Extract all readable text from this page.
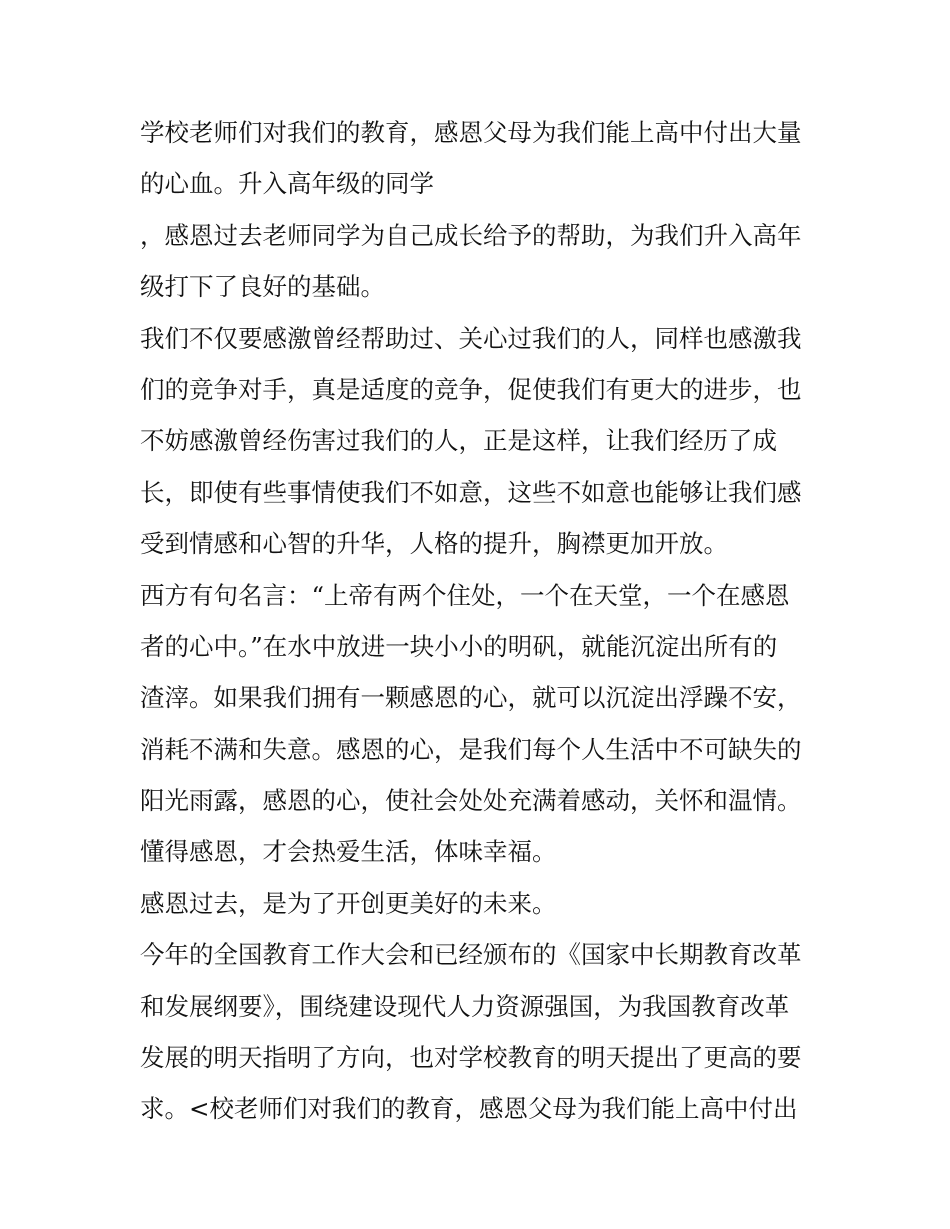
学校老师们对我们的教育，感恩父母为我们能上高中付出大量
的心血。升入高年级的同学
，感恩过去老师同学为自己成长给予的帮助，为我们升入高年
级打下了良好的基础。
我们不仅要感激曾经帮助过、关心过我们的人，同样也感激我
们的竞争对手，真是适度的竞争，促使我们有更大的进步，也
不妨感激曾经伤害过我们的人，正是这样，让我们经历了成
长，即使有些事情使我们不如意，这些不如意也能够让我们感
受到情感和心智的升华，人格的提升，胸襟更加开放。
西方有句名言：“上帝有两个住处，一个在天堂，一个在感恩
者的心中。”在水中放进一块小小的明矾，就能沉淀出所有的
渣滓。如果我们拥有一颗感恩的心，就可以沉淀出浮躁不安，
消耗不满和失意。感恩的心，是我们每个人生活中不可缺失的
阳光雨露，感恩的心，使社会处处充满着感动，关怀和温情。
懂得感恩，才会热爱生活，体味幸福。
感恩过去，是为了开创更美好的未来。
今年的全国教育工作大会和已经颁布的《国家中长期教育改革
和发展纲要》，围绕建设现代人力资源强国，为我国教育改革
发展的明天指明了方向，也对学校教育的明天提出了更高的要
求。<校老师们对我们的教育，感恩父母为我们能上高中付出
